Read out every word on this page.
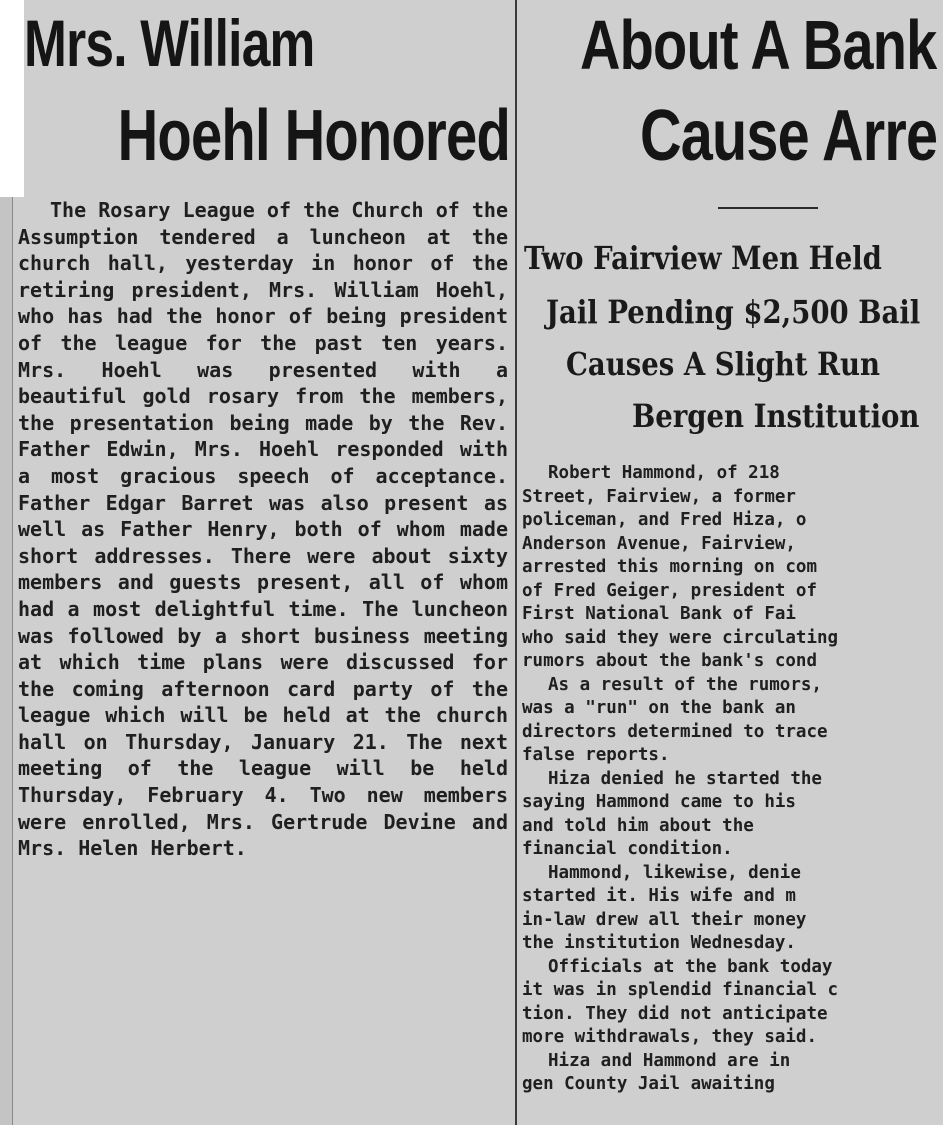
Mrs. William
Hoehl Honored

The Rosary League of the Church of the Assumption tendered a luncheon at the church hall, yesterday in honor of the retiring president, Mrs. William Hoehl, who has had the honor of being president of the league for the past ten years. Mrs. Hoehl was presented with a beautiful gold rosary from the members, the presentation being made by the Rev. Father Edwin, Mrs. Hoehl responded with a most gracious speech of acceptance. Father Edgar Barret was also present as well as Father Henry, both of whom made short addresses. There were about sixty members and guests present, all of whom had a most delightful time. The luncheon was followed by a short business meeting at which time plans were discussed for the coming afternoon card party of the league which will be held at the church hall on Thursday, January 21. The next meeting of the league will be held Thursday, February 4. Two new members were enrolled, Mrs. Gertrude Devine and Mrs. Helen Herbert.

About A Bank
Cause Arre
Two Fairview Men Held
Jail Pending $2,500 Bail
Causes A Slight Run
Bergen Institution

Robert Hammond, of 218
Street, Fairview, a former
policeman, and Fred Hiza, o
Anderson Avenue, Fairview,
arrested this morning on com
of Fred Geiger, president of
First National Bank of Fai
who said they were circulating
rumors about the bank's cond

As a result of the rumors,
was a "run" on the bank an
directors determined to trace
false reports.

Hiza denied he started the
saying Hammond came to his
and told him about the
financial condition.

Hammond, likewise, denie
started it. His wife and m
in-law drew all their money
the institution Wednesday.

Officials at the bank today
it was in splendid financial c
tion. They did not anticipate
more withdrawals, they said.

Hiza and Hammond are in
gen County Jail awaiting
